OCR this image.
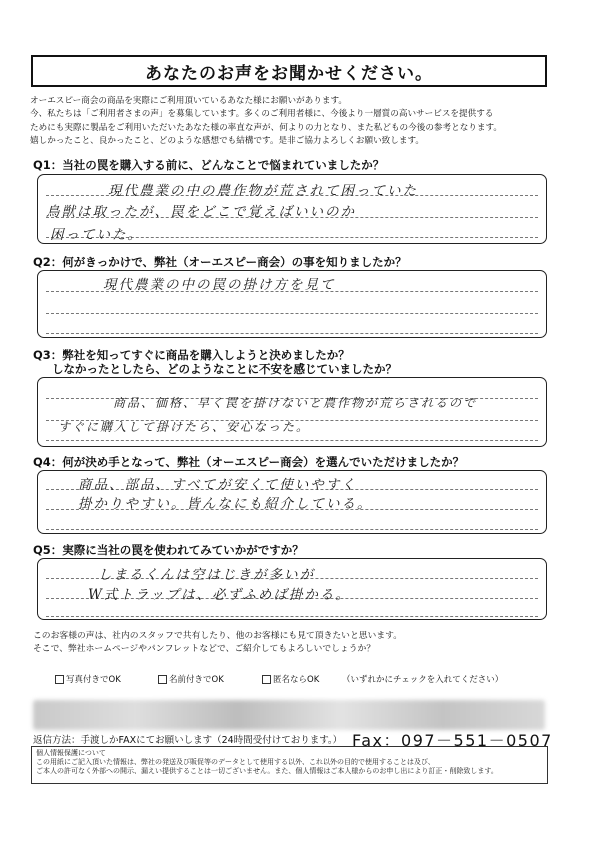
あなたのお声をお聞かせください。
オーエスピー商会の商品を実際にご利用頂いているあなた様にお願いがあります。
今、私たちは「ご利用者さまの声」を募集しています。多くのご利用者様に、今後より一層質の高いサービスを提供する
ためにも実際に製品をご利用いただいたあなた様の率直な声が、何よりの力となり、また私どもの今後の参考となります。
嬉しかったこと、良かったこと、どのような感想でも結構です。是非ご協力よろしくお願い致します。
Q1：当社の罠を購入する前に、どんなことで悩まれていましたか？
現代農業の中の農作物が荒されて困っていた
鳥獣は取ったが、罠をどこで覚えばいいのか
困っていた。
Q2：何がきっかけで、弊社（オーエスピー商会）の事を知りましたか？
現代農業の中の罠の掛け方を見て
Q3：弊社を知ってすぐに商品を購入しようと決めましたか？
しなかったとしたら、どのようなことに不安を感じていましたか？
商品、価格、早く罠を掛けないと農作物が荒らされるので
すぐに購入して掛けたら、安心なった。
Q4：何が決め手となって、弊社（オーエスピー商会）を選んでいただけましたか？
商品、部品、すべてが安くて使いやすく
掛かりやすい。皆んなにも紹介している。
Q5：実際に当社の罠を使われてみていかがですか？
しまるくんは空はじきが多いが
W式トラップは、必ずふめば掛かる。
このお客様の声は、社内のスタッフで共有したり、他のお客様にも見て頂きたいと思います。
そこで、弊社ホームページやパンフレットなどで、ご紹介してもよろしいでしょうか？
写真付きでOK	名前付きでOK	匿名ならOK	（いずれかにチェックを入れてください）
返信方法：手渡しかFAXにてお願いします（24時間受付けております。） Fax：097－551－0507
個人情報保護について
この用紙にご記入頂いた情報は、弊社の発送及び販促等のデータとして使用する以外、これ以外の目的で使用することは及び、
ご本人の許可なく外部への開示、漏えい提供することは一切ございません。また、個人情報はご本人様からのお申し出により訂正・削除致します。
